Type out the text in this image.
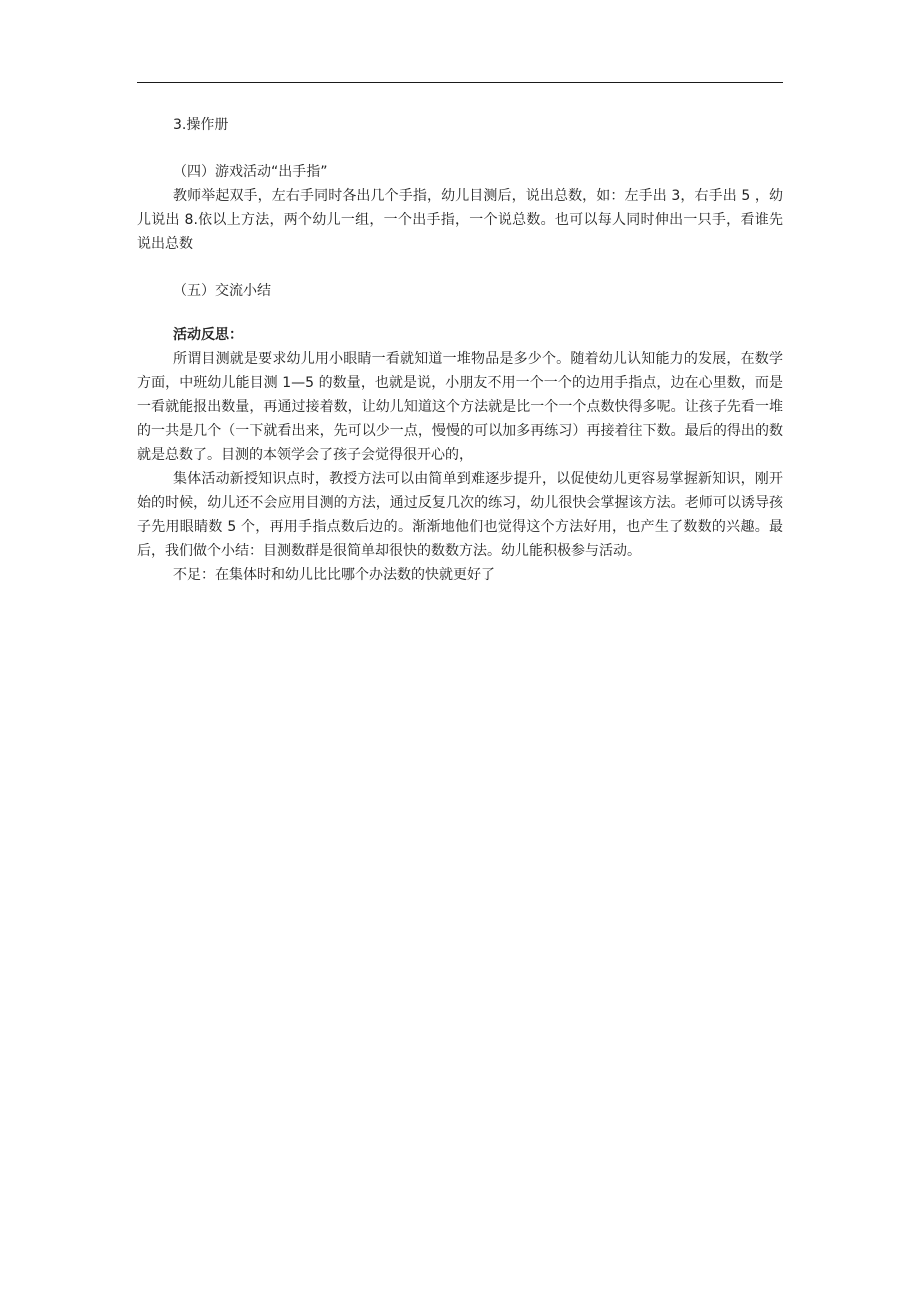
3.操作册

（四）游戏活动“出手指”

教师举起双手，左右手同时各出几个手指，幼儿目测后，说出总数，如：左手出 3，右手出 5 ，幼儿说出 8.依以上方法，两个幼儿一组，一个出手指，一个说总数。也可以每人同时伸出一只手，看谁先说出总数

（五）交流小结

活动反思：

所谓目测就是要求幼儿用小眼睛一看就知道一堆物品是多少个。随着幼儿认知能力的发展，在数学方面，中班幼儿能目测 1—5 的数量，也就是说，小朋友不用一个一个的边用手指点，边在心里数，而是一看就能报出数量，再通过接着数，让幼儿知道这个方法就是比一个一个点数快得多呢。让孩子先看一堆的一共是几个（一下就看出来，先可以少一点，慢慢的可以加多再练习）再接着往下数。最后的得出的数就是总数了。目测的本领学会了孩子会觉得很开心的，

集体活动新授知识点时，教授方法可以由简单到难逐步提升，以促使幼儿更容易掌握新知识，刚开始的时候，幼儿还不会应用目测的方法，通过反复几次的练习，幼儿很快会掌握该方法。老师可以诱导孩子先用眼睛数 5 个，再用手指点数后边的。渐渐地他们也觉得这个方法好用，也产生了数数的兴趣。最后，我们做个小结：目测数群是很简单却很快的数数方法。幼儿能积极参与活动。

不足：在集体时和幼儿比比哪个办法数的快就更好了
